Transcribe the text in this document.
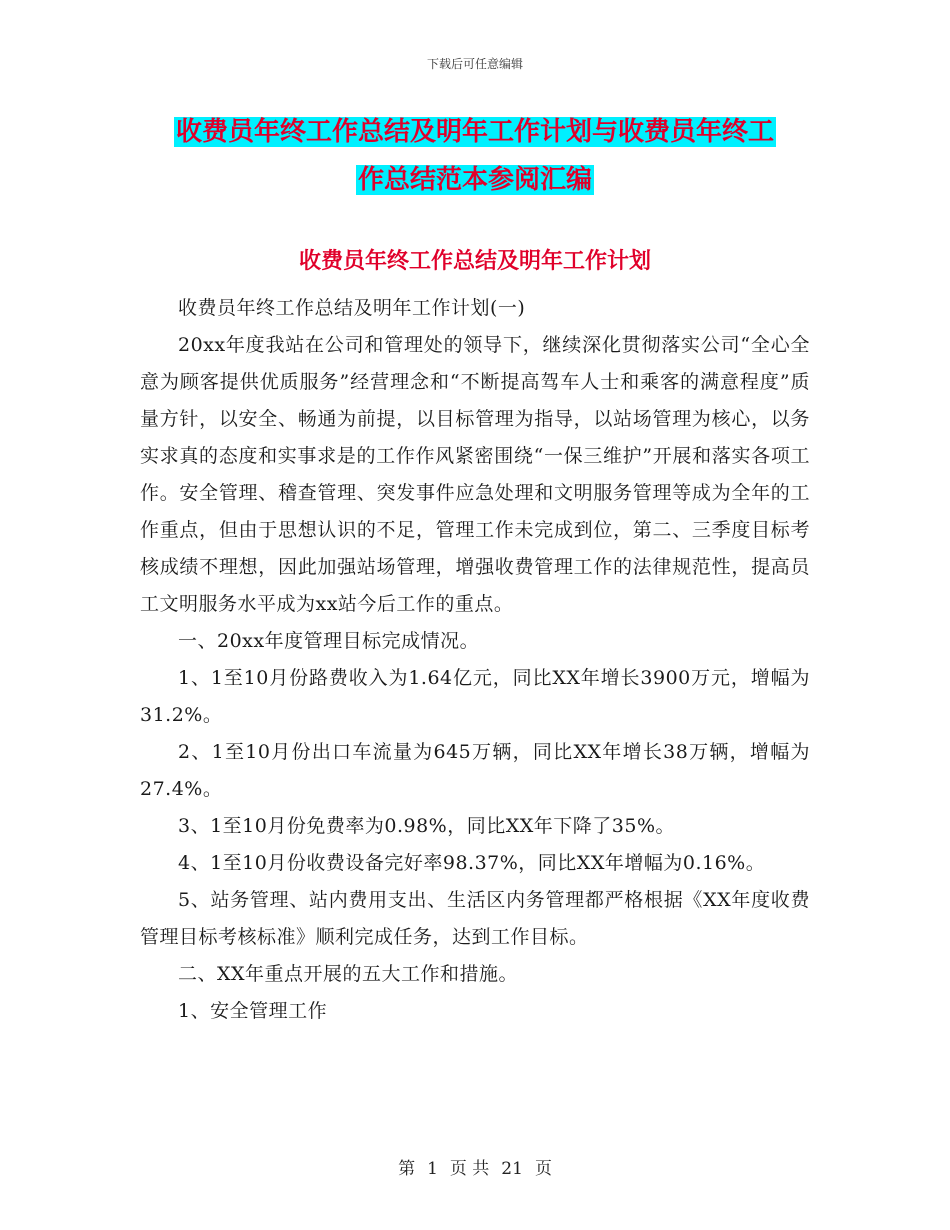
下载后可任意编辑
收费员年终工作总结及明年工作计划与收费员年终工
作总结范本参阅汇编
收费员年终工作总结及明年工作计划

收费员年终工作总结及明年工作计划(一)

20xx年度我站在公司和管理处的领导下，继续深化贯彻落实公司“全心全意为顾客提供优质服务”经营理念和“不断提高驾车人士和乘客的满意程度”质量方针，以安全、畅通为前提，以目标管理为指导，以站场管理为核心，以务实求真的态度和实事求是的工作作风紧密围绕“一保三维护”开展和落实各项工作。安全管理、稽查管理、突发事件应急处理和文明服务管理等成为全年的工作重点，但由于思想认识的不足，管理工作未完成到位，第二、三季度目标考核成绩不理想，因此加强站场管理，增强收费管理工作的法律规范性，提高员工文明服务水平成为xx站今后工作的重点。

一、20xx年度管理目标完成情况。

1、1至10月份路费收入为1.64亿元，同比XX年增长3900万元，增幅为31.2%。

2、1至10月份出口车流量为645万辆，同比XX年增长38万辆，增幅为27.4%。

3、1至10月份免费率为0.98%，同比XX年下降了35%。

4、1至10月份收费设备完好率98.37%，同比XX年增幅为0.16%。

5、站务管理、站内费用支出、生活区内务管理都严格根据《XX年度收费管理目标考核标准》顺利完成任务，达到工作目标。

二、XX年重点开展的五大工作和措施。

1、安全管理工作

第 1 页 共 21 页
